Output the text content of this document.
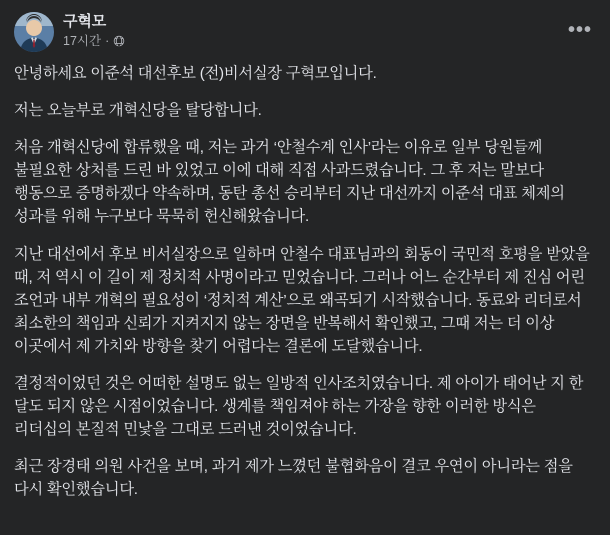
구혁모
17시간 ·	•••

안녕하세요 이준석 대선후보 (전)비서실장 구혁모입니다.

저는 오늘부로 개혁신당을 탈당합니다.

처음 개혁신당에 합류했을 때, 저는 과거 ‘안철수계 인사’라는 이유로 일부 당원들께 불필요한 상처를 드린 바 있었고 이에 대해 직접 사과드렸습니다. 그 후 저는 말보다 행동으로 증명하겠다 약속하며, 동탄 총선 승리부터 지난 대선까지 이준석 대표 체제의 성과를 위해 누구보다 묵묵히 헌신해왔습니다.

지난 대선에서 후보 비서실장으로 일하며 안철수 대표님과의 회동이 국민적 호평을 받았을 때, 저 역시 이 길이 제 정치적 사명이라고 믿었습니다. 그러나 어느 순간부터 제 진심 어린 조언과 내부 개혁의 필요성이 ‘정치적 계산’으로 왜곡되기 시작했습니다. 동료와 리더로서 최소한의 책임과 신뢰가 지켜지지 않는 장면을 반복해서 확인했고, 그때 저는 더 이상 이곳에서 제 가치와 방향을 찾기 어렵다는 결론에 도달했습니다.

결정적이었던 것은 어떠한 설명도 없는 일방적 인사조치였습니다. 제 아이가 태어난 지 한 달도 되지 않은 시점이었습니다. 생계를 책임져야 하는 가장을 향한 이러한 방식은 리더십의 본질적 민낯을 그대로 드러낸 것이었습니다.

최근 장경태 의원 사건을 보며, 과거 제가 느꼈던 불협화음이 결코 우연이 아니라는 점을 다시 확인했습니다.
